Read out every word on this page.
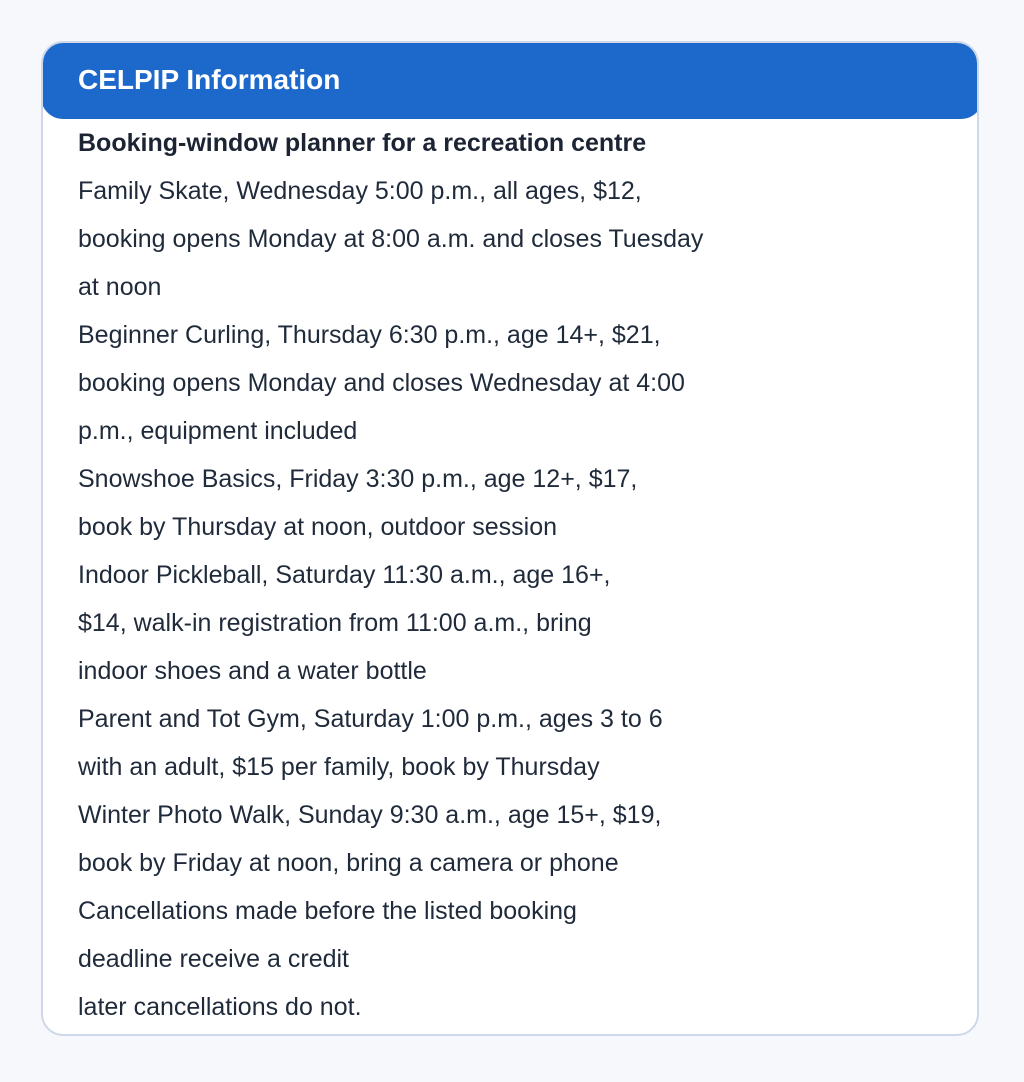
CELPIP Information
Booking-window planner for a recreation centre
Family Skate, Wednesday 5:00 p.m., all ages, $12,
booking opens Monday at 8:00 a.m. and closes Tuesday
at noon
Beginner Curling, Thursday 6:30 p.m., age 14+, $21,
booking opens Monday and closes Wednesday at 4:00
p.m., equipment included
Snowshoe Basics, Friday 3:30 p.m., age 12+, $17,
book by Thursday at noon, outdoor session
Indoor Pickleball, Saturday 11:30 a.m., age 16+,
$14, walk-in registration from 11:00 a.m., bring
indoor shoes and a water bottle
Parent and Tot Gym, Saturday 1:00 p.m., ages 3 to 6
with an adult, $15 per family, book by Thursday
Winter Photo Walk, Sunday 9:30 a.m., age 15+, $19,
book by Friday at noon, bring a camera or phone
Cancellations made before the listed booking
deadline receive a credit
later cancellations do not.
